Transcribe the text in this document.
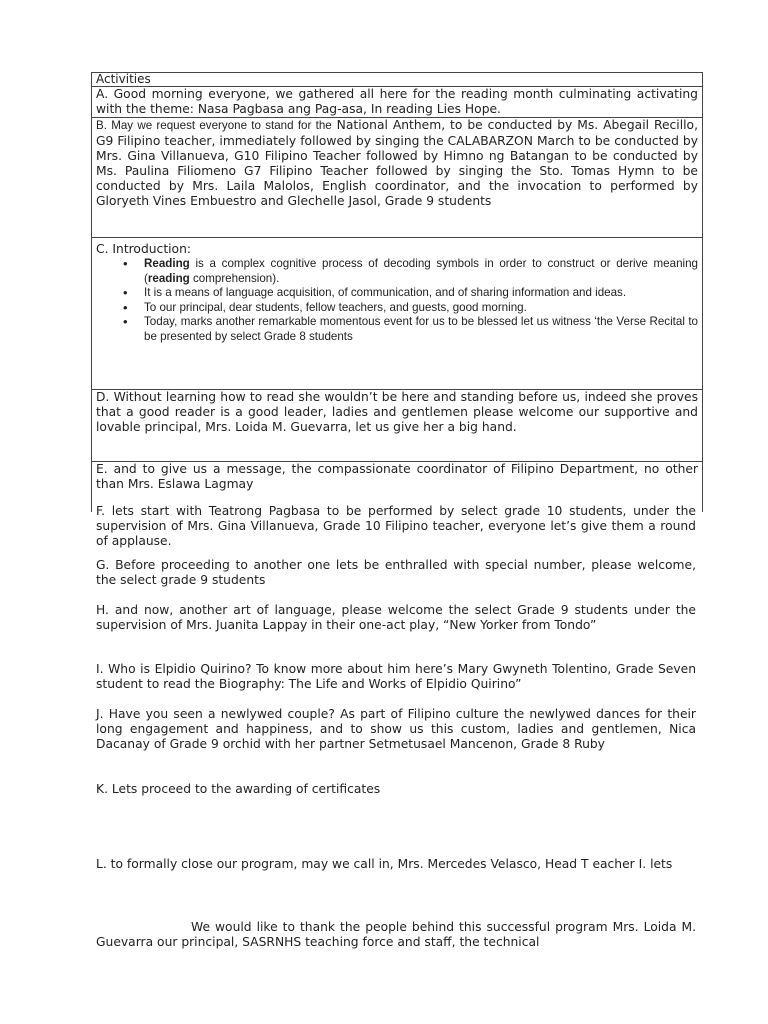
Activities
A. Good morning everyone, we gathered all here for the reading month culminating activating with the theme: Nasa Pagbasa ang Pag-asa, In reading Lies Hope.
B. May we request everyone to stand for the National Anthem, to be conducted by Ms. Abegail Recillo, G9 Filipino teacher, immediately followed by singing the CALABARZON March to be conducted by Mrs. Gina Villanueva, G10 Filipino Teacher followed by Himno ng Batangan to be conducted by Ms. Paulina Filiomeno G7 Filipino Teacher followed by singing the Sto. Tomas Hymn to be conducted by Mrs. Laila Malolos, English coordinator, and the invocation to performed by Gloryeth Vines Embuestro and Glechelle Jasol, Grade 9 students

C. Introduction:
• Reading is a complex cognitive process of decoding symbols in order to construct or derive meaning (reading comprehension).
• It is a means of language acquisition, of communication, and of sharing information and ideas.
• To our principal, dear students, fellow teachers, and guests, good morning.
• Today, marks another remarkable momentous event for us to be blessed let us witness ‘the Verse Recital to be presented by select Grade 8 students

D. Without learning how to read she wouldn’t be here and standing before us, indeed she proves that a good reader is a good leader, ladies and gentlemen please welcome our supportive and lovable principal, Mrs. Loida M. Guevarra, let us give her a big hand.
E. and to give us a message, the compassionate coordinator of Filipino Department, no other than Mrs. Eslawa Lagmay
F. lets start with Teatrong Pagbasa to be performed by select grade 10 students, under the supervision of Mrs. Gina Villanueva, Grade 10 Filipino teacher, everyone let’s give them a round of applause.
G. Before proceeding to another one lets be enthralled with special number, please welcome, the select grade 9 students
H. and now, another art of language, please welcome the select Grade 9 students under the supervision of Mrs. Juanita Lappay in their one-act play, “New Yorker from Tondo”
I. Who is Elpidio Quirino? To know more about him here’s Mary Gwyneth Tolentino, Grade Seven student to read the Biography: The Life and Works of Elpidio Quirino”
J. Have you seen a newlywed couple? As part of Filipino culture the newlywed dances for their long engagement and happiness, and to show us this custom, ladies and gentlemen, Nica Dacanay of Grade 9 orchid with her partner Setmetusael Mancenon, Grade 8 Ruby
K. Lets proceed to the awarding of certificates
L. to formally close our program, may we call in, Mrs. Mercedes Velasco, Head T eacher I. lets
We would like to thank the people behind this successful program Mrs. Loida M. Guevarra our principal, SASRNHS teaching force and staff, the technical
